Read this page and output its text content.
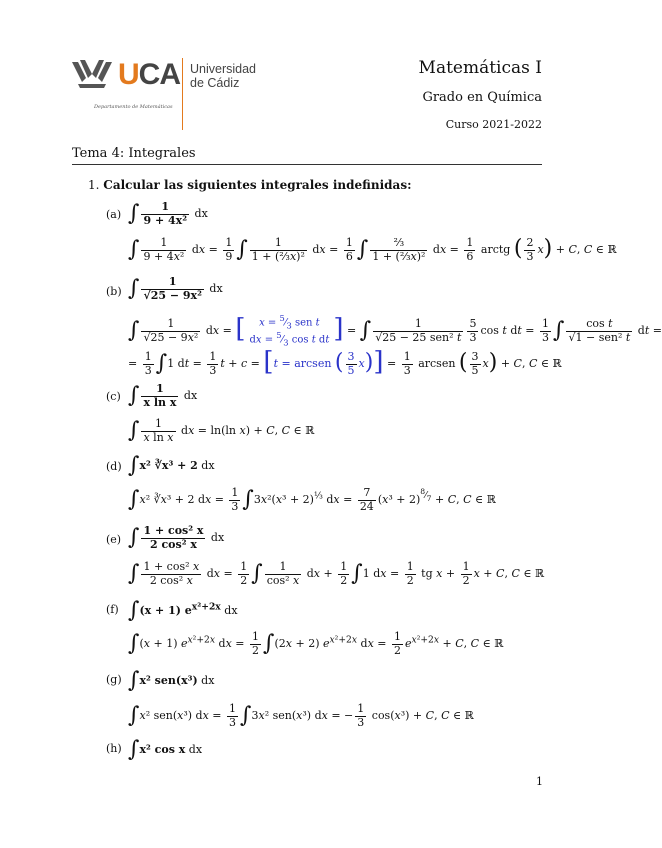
UCA Universidad
de Cádiz
Departamento de Matemáticas
Matemáticas I
Grado en Química
Curso 2021-2022
Tema 4: Integrales
1. Calcular las siguientes integrales indefinidas:
(a) ∫ $\frac{1}{\text{9 + 4x²}}$ dx
∫ $\frac{1}{\text{9 + 4x²}}$ dx = $\frac{1}{9}$ ∫ $\frac{1}{\text{1 + (⅔x)²}}$ dx = $\frac{1}{6}$ ∫ $\frac{\text{⅔}}{\text{1 + (⅔x)²}}$ dx = $\frac{1}{6}$ arctg ( $\frac{2}{3} x) + C$, C ∈ ℝ
(b) ∫ $\frac{1}{\text{√25 − 9x²}}$ dx
∫ $\frac{1}{\text{√25 − 9x²}}$ dx = [	$x = ^5⁄_3$ sen t
dx = $^5⁄_3$ cos t dt ] = ∫ $\frac{1}{\text{√25 − 25 sen² t}} \frac{5}{3}$ cos t dt = $\frac{1}{3}$ ∫ $\frac{\text{cos t}}{\text{√1 − sen² t}}$ dt =
= $\frac{1}{3} \int 1$ dt = $\frac{1}{3}$ t + c = [t = arcsen ( $\frac{3}{5} x)] = \frac{1}{3}$ arcsen ( $\frac{3}{5} x) + C$, C ∈ ℝ
(c) ∫ $\frac{1}{\text{x ln x}}$ dx
∫ $\frac{1}{\text{x ln x}}$ dx = ln(ln x) + C, C ∈ ℝ
(d) ∫x² ∛x³ + 2 dx
∫x² ∛x³ + 2 dx = $\frac{1}{3} \int 3x^2(x^3 + 2)^{\frac{1}{3}}$ dx = $\frac{7}{24} (x^3 + 2)^{^8⁄_7} + C$, C ∈ ℝ
(e) ∫ $\frac{\text{1 + cos² x}}{\text{2 cos² x}}$ dx
∫ $\frac{\text{1 + cos² x}}{\text{2 cos² x}}$ dx = $\frac{1}{2}$ ∫ $\frac{1}{\text{cos² x}}$ dx + $\frac{1}{2} \int 1$ dx = $\frac{1}{2}$ tg $x + \frac{1}{2}$ x + C, C ∈ ℝ
(f) ∫(x + 1) $e^{x^2+2x}$ dx
∫(x + 1) $e^{x^2+2x}$ dx = $\frac{1}{2} \int(2x + 2)$ $e^{x^2+2x}$ dx = $\frac{1}{2} e^{x^2+2x} + C$, C ∈ ℝ
(g) ∫x² sen(x³) dx
∫x² sen(x³) dx = $\frac{1}{3} \int 3x^2$ sen(x³) dx = − $\frac{1}{3} \cos(x^3) + C$, C ∈ ℝ
(h) ∫x² cos x dx
1
